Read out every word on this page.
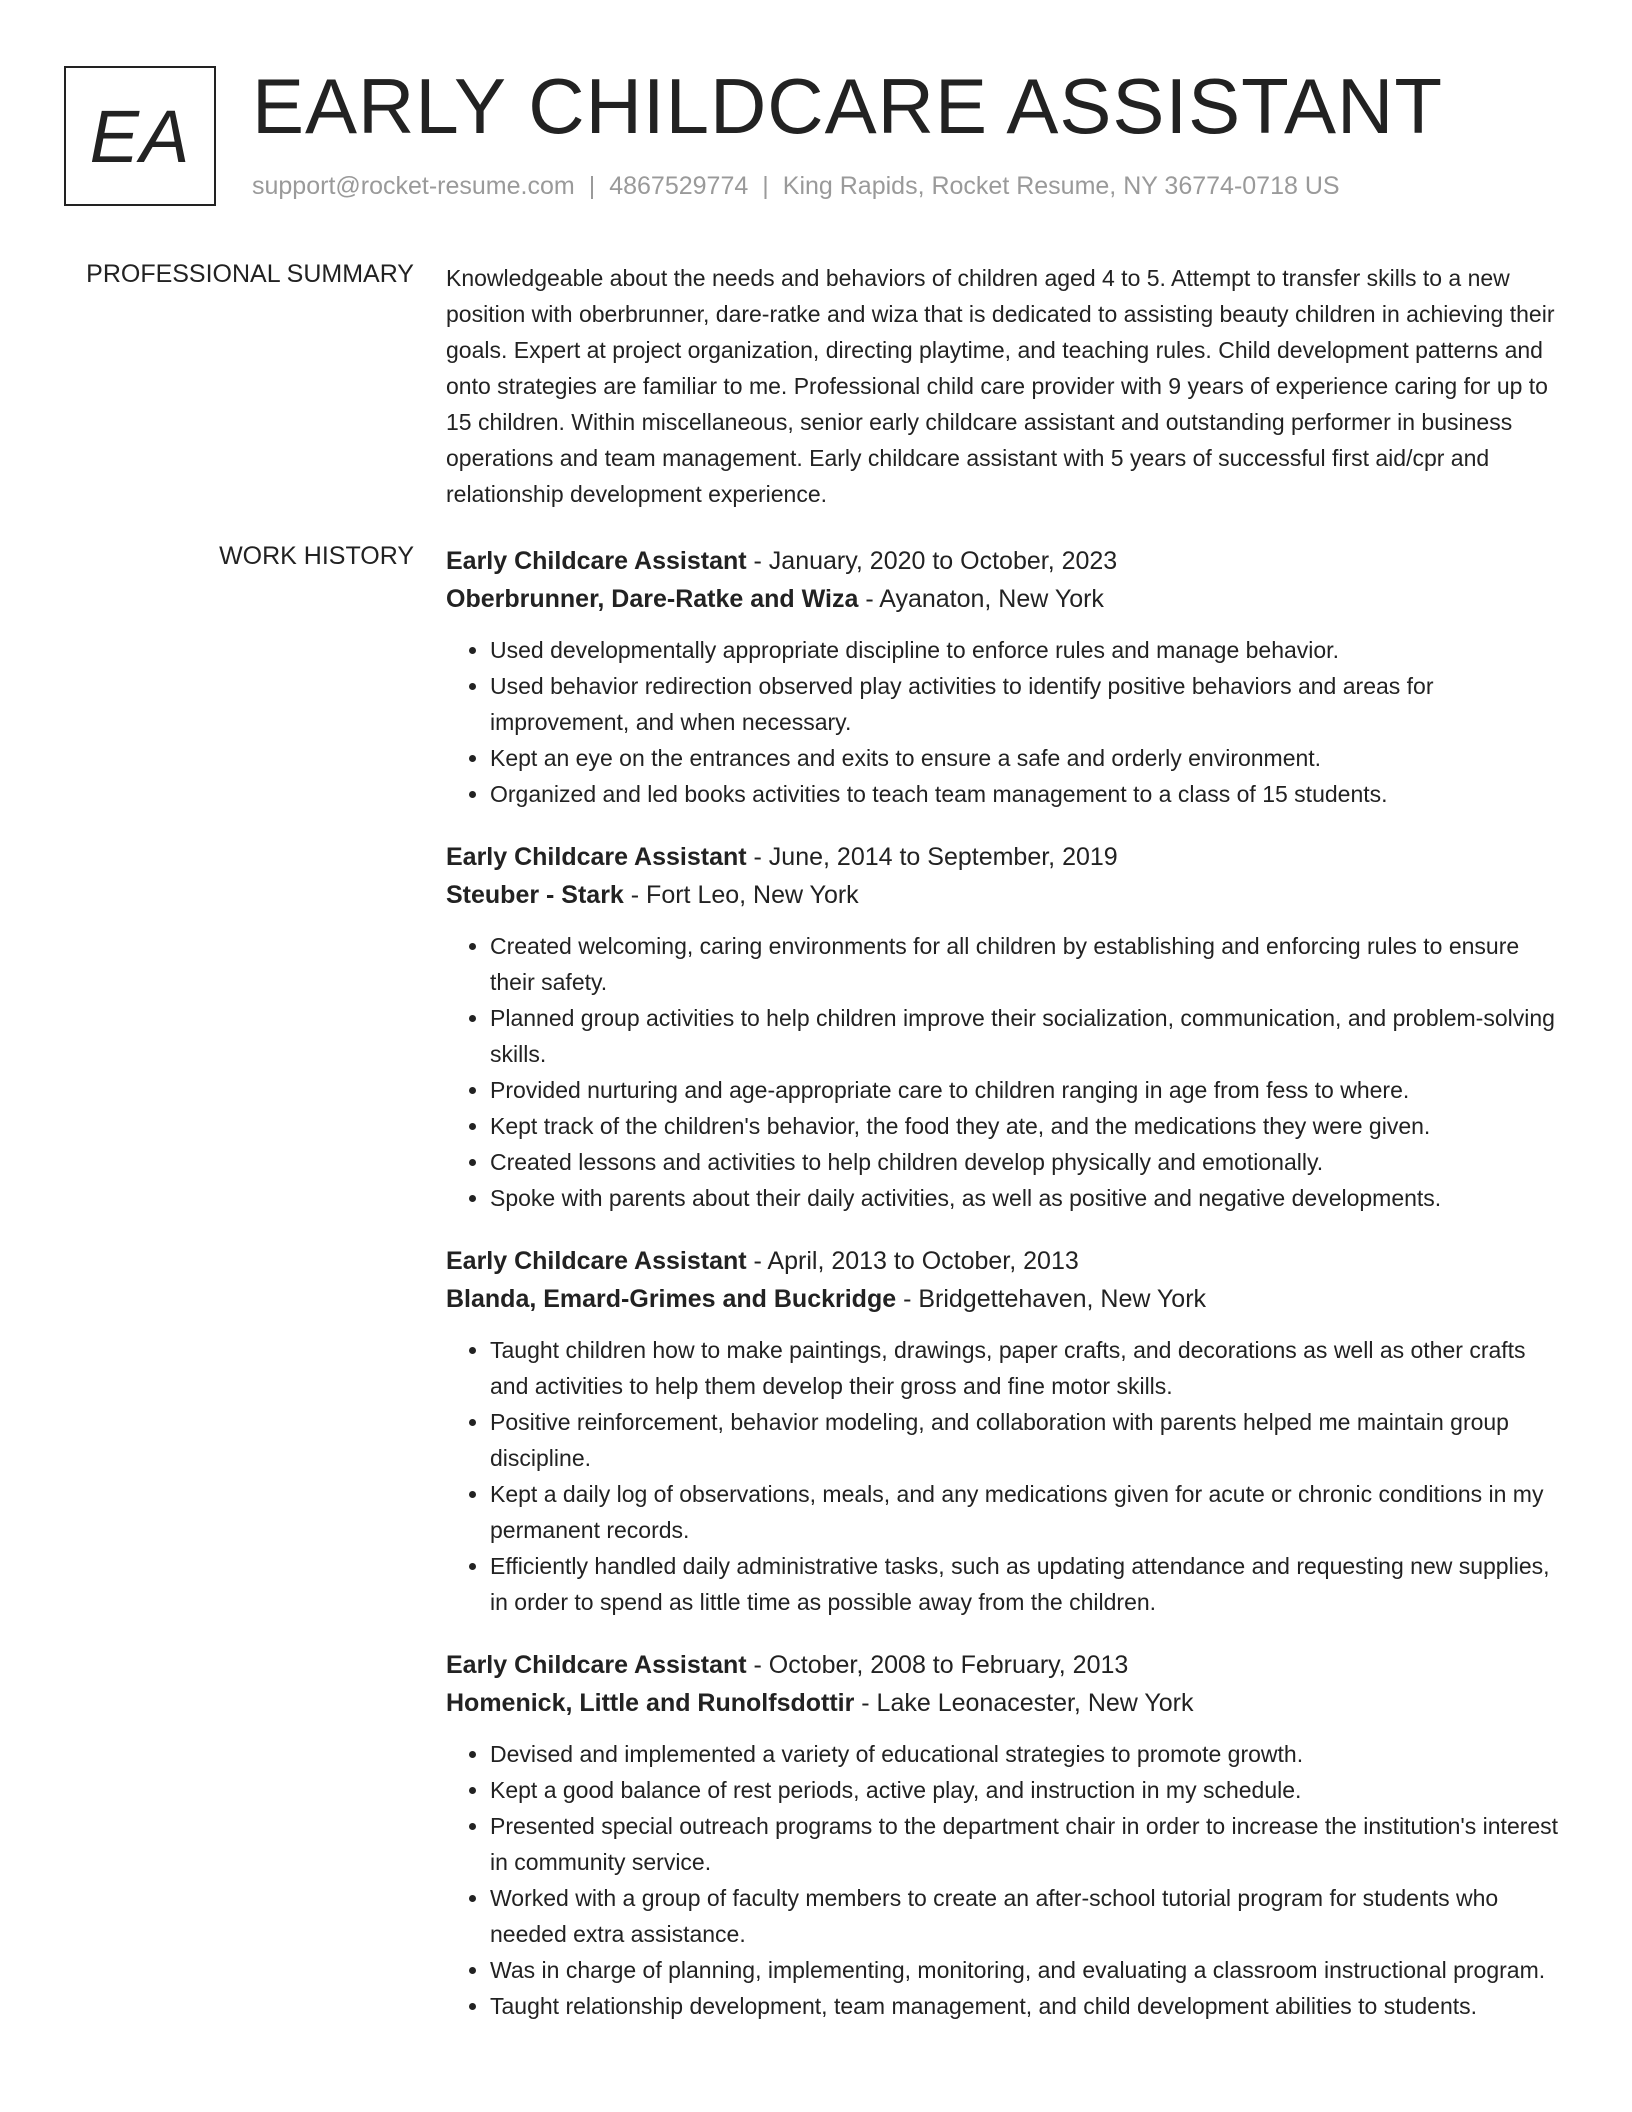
EA EARLY CHILDCARE ASSISTANT
support@rocket-resume.com | 4867529774 | King Rapids, Rocket Resume, NY 36774-0718 US
PROFESSIONAL SUMMARY Knowledgeable about the needs and behaviors of children aged 4 to 5. Attempt to transfer skills to a new position with oberbrunner, dare-ratke and wiza that is dedicated to assisting beauty children in achieving their goals. Expert at project organization, directing playtime, and teaching rules. Child development patterns and onto strategies are familiar to me. Professional child care provider with 9 years of experience caring for up to 15 children. Within miscellaneous, senior early childcare assistant and outstanding performer in business operations and team management. Early childcare assistant with 5 years of successful first aid/cpr and relationship development experience.
WORK HISTORY Early Childcare Assistant - January, 2020 to October, 2023
Oberbrunner, Dare-Ratke and Wiza - Ayanaton, New York
• Used developmentally appropriate discipline to enforce rules and manage behavior.
• Used behavior redirection observed play activities to identify positive behaviors and areas for improvement, and when necessary.
• Kept an eye on the entrances and exits to ensure a safe and orderly environment.
• Organized and led books activities to teach team management to a class of 15 students.
Early Childcare Assistant - June, 2014 to September, 2019
Steuber - Stark - Fort Leo, New York
• Created welcoming, caring environments for all children by establishing and enforcing rules to ensure their safety.
• Planned group activities to help children improve their socialization, communication, and problem-solving skills.
• Provided nurturing and age-appropriate care to children ranging in age from fess to where.
• Kept track of the children's behavior, the food they ate, and the medications they were given.
• Created lessons and activities to help children develop physically and emotionally.
• Spoke with parents about their daily activities, as well as positive and negative developments.
Early Childcare Assistant - April, 2013 to October, 2013
Blanda, Emard-Grimes and Buckridge - Bridgettehaven, New York
• Taught children how to make paintings, drawings, paper crafts, and decorations as well as other crafts and activities to help them develop their gross and fine motor skills.
• Positive reinforcement, behavior modeling, and collaboration with parents helped me maintain group discipline.
• Kept a daily log of observations, meals, and any medications given for acute or chronic conditions in my permanent records.
• Efficiently handled daily administrative tasks, such as updating attendance and requesting new supplies, in order to spend as little time as possible away from the children.
Early Childcare Assistant - October, 2008 to February, 2013
Homenick, Little and Runolfsdottir - Lake Leonacester, New York
• Devised and implemented a variety of educational strategies to promote growth.
• Kept a good balance of rest periods, active play, and instruction in my schedule.
• Presented special outreach programs to the department chair in order to increase the institution's interest in community service.
• Worked with a group of faculty members to create an after-school tutorial program for students who needed extra assistance.
• Was in charge of planning, implementing, monitoring, and evaluating a classroom instructional program.
• Taught relationship development, team management, and child development abilities to students.
